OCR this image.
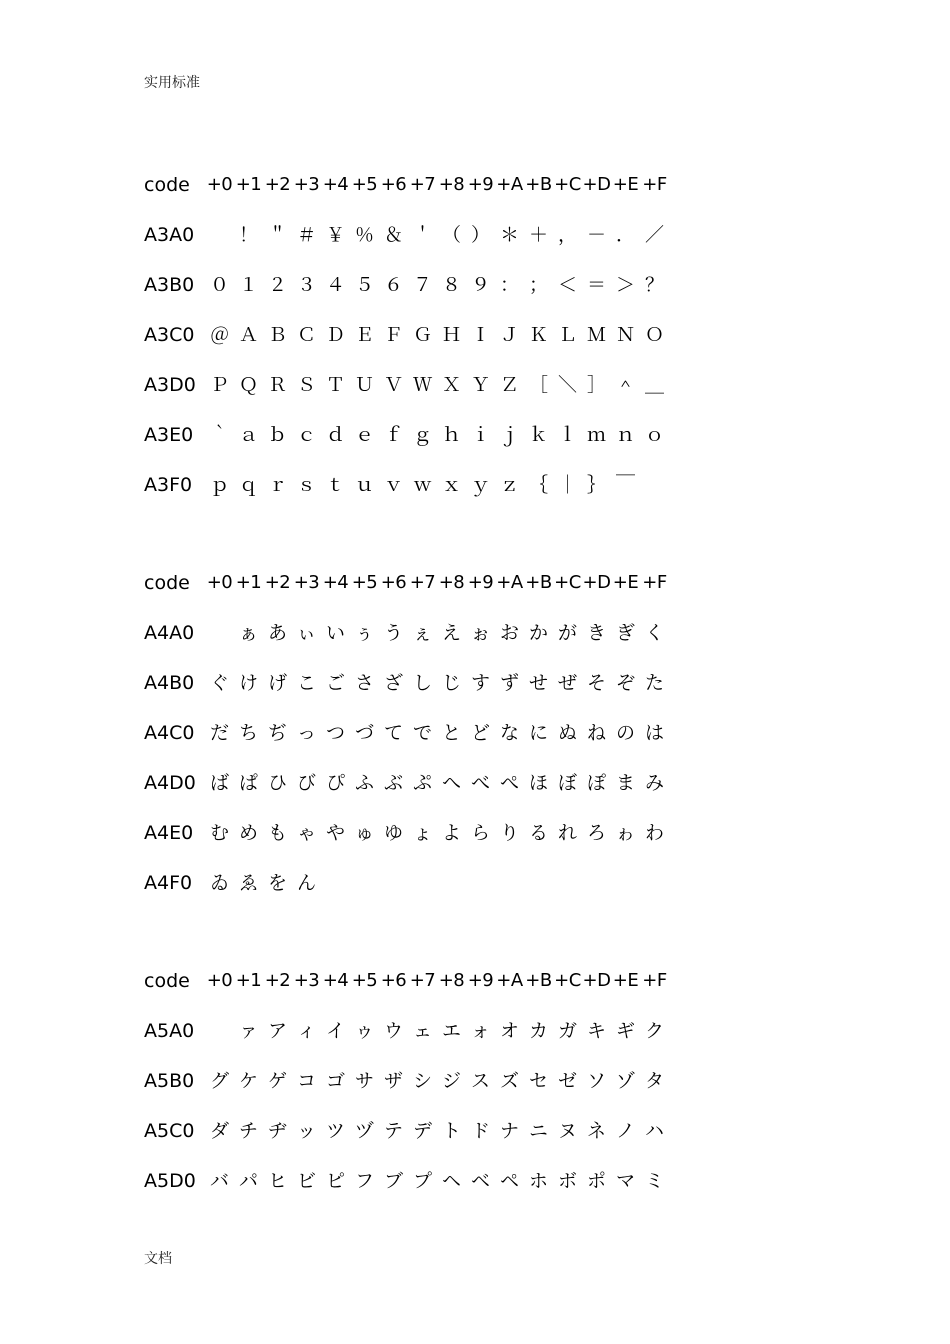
实用标准
code +0 +1 +2 +3 +4 +5 +6 +7 +8 +9 +A +B +C +D +E +F
A3A0 ！ ＂ ＃ ￥ ％ ＆ ＇ （ ） ＊ ＋ ， － ． ／
A3B0 ０ １ ２ ３ ４ ５ ６ ７ ８ ９ ： ； ＜ ＝ ＞ ？
A3C0 ＠ Ａ Ｂ Ｃ Ｄ Ｅ Ｆ Ｇ Ｈ Ｉ Ｊ Ｋ Ｌ Ｍ Ｎ Ｏ
A3D0 Ｐ Ｑ Ｒ Ｓ Ｔ Ｕ Ｖ Ｗ Ｘ Ｙ Ｚ ［ ＼ ］ ＾ ＿
A3E0 ｀ ａ ｂ ｃ ｄ ｅ ｆ ｇ ｈ ｉ ｊ ｋ ｌ ｍ ｎ ｏ
A3F0 ｐ ｑ ｒ ｓ ｔ ｕ ｖ ｗ ｘ ｙ ｚ ｛ ｜ ｝ ￣
code +0 +1 +2 +3 +4 +5 +6 +7 +8 +9 +A +B +C +D +E +F
A4A0 ぁ あ ぃ い ぅ う ぇ え ぉ お か が き ぎ く
A4B0 ぐ け げ こ ご さ ざ し じ す ず せ ぜ そ ぞ た
A4C0 だ ち ぢ っ つ づ て で と ど な に ぬ ね の は
A4D0 ば ぱ ひ び ぴ ふ ぶ ぷ へ べ ぺ ほ ぼ ぽ ま み
A4E0 む め も ゃ や ゅ ゆ ょ よ ら り る れ ろ ゎ わ
A4F0 ゐ ゑ を ん
code +0 +1 +2 +3 +4 +5 +6 +7 +8 +9 +A +B +C +D +E +F
A5A0 ァ ア ィ イ ゥ ウ ェ エ ォ オ カ ガ キ ギ ク
A5B0 グ ケ ゲ コ ゴ サ ザ シ ジ ス ズ セ ゼ ソ ゾ タ
A5C0 ダ チ ヂ ッ ツ ヅ テ デ ト ド ナ ニ ヌ ネ ノ ハ
A5D0 バ パ ヒ ビ ピ フ ブ プ ヘ ベ ペ ホ ボ ポ マ ミ
文档
